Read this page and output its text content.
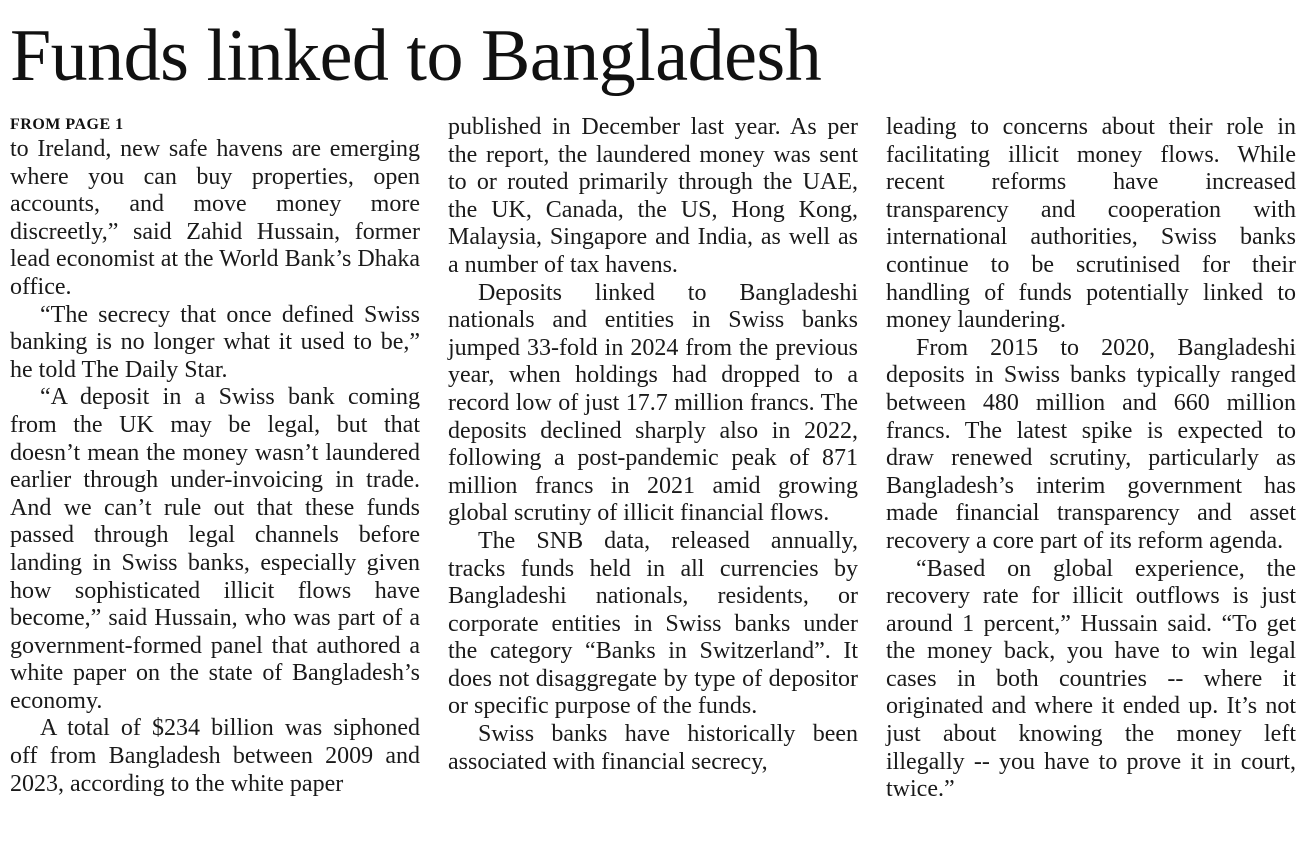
Funds linked to Bangladesh
FROM PAGE 1

to Ireland, new safe havens are emerging where you can buy properties, open accounts, and move money more discreetly,” said Zahid Hussain, former lead economist at the World Bank’s Dhaka office.

“The secrecy that once defined Swiss banking is no longer what it used to be,” he told The Daily Star.

“A deposit in a Swiss bank coming from the UK may be legal, but that doesn’t mean the money wasn’t laundered earlier through under-invoicing in trade. And we can’t rule out that these funds passed through legal channels before landing in Swiss banks, especially given how sophisticated illicit flows have become,” said Hussain, who was part of a government-formed panel that authored a white paper on the state of Bangladesh’s economy.

A total of $234 billion was siphoned off from Bangladesh between 2009 and 2023, according to the white paper

published in December last year. As per the report, the laundered money was sent to or routed primarily through the UAE, the UK, Canada, the US, Hong Kong, Malaysia, Singapore and India, as well as a number of tax havens.

Deposits linked to Bangladeshi nationals and entities in Swiss banks jumped 33-fold in 2024 from the previous year, when holdings had dropped to a record low of just 17.7 million francs. The deposits declined sharply also in 2022, following a post-pandemic peak of 871 million francs in 2021 amid growing global scrutiny of illicit financial flows.

The SNB data, released annually, tracks funds held in all currencies by Bangladeshi nationals, residents, or corporate entities in Swiss banks under the category “Banks in Switzerland”. It does not disaggregate by type of depositor or specific purpose of the funds.

Swiss banks have historically been associated with financial secrecy,

leading to concerns about their role in facilitating illicit money flows. While recent reforms have increased transparency and cooperation with international authorities, Swiss banks continue to be scrutinised for their handling of funds potentially linked to money laundering.

From 2015 to 2020, Bangladeshi deposits in Swiss banks typically ranged between 480 million and 660 million francs. The latest spike is expected to draw renewed scrutiny, particularly as Bangladesh’s interim government has made financial transparency and asset recovery a core part of its reform agenda.

“Based on global experience, the recovery rate for illicit outflows is just around 1 percent,” Hussain said. “To get the money back, you have to win legal cases in both countries -- where it originated and where it ended up. It’s not just about knowing the money left illegally -- you have to prove it in court, twice.”
